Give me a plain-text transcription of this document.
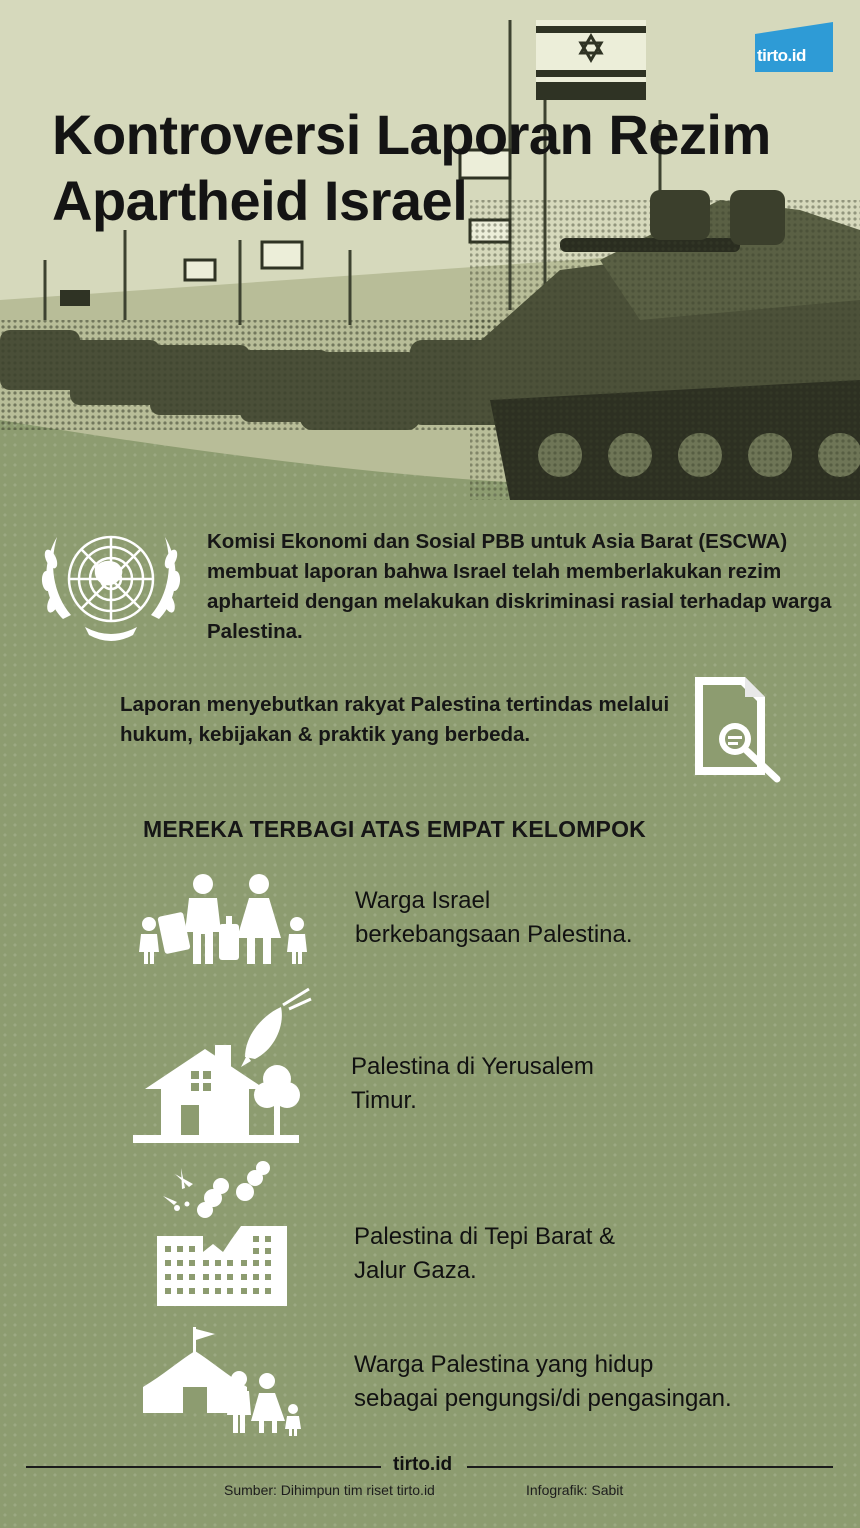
Kontroversi Laporan Rezim
Apartheid Israel
tirto.id

Komisi Ekonomi dan Sosial PBB untuk Asia Barat (ESCWA) membuat laporan bahwa Israel telah memberlakukan rezim apharteid dengan melakukan diskriminasi rasial terhadap warga Palestina.

Laporan menyebutkan rakyat Palestina tertindas melalui hukum, kebijakan & praktik yang berbeda.

MEREKA TERBAGI ATAS EMPAT KELOMPOK

Warga Israel
berkebangsaan Palestina.

Palestina di Yerusalem
Timur.

Palestina di Tepi Barat &
Jalur Gaza.

Warga Palestina yang hidup
sebagai pengungsi/di pengasingan.

tirto.id
Sumber: Dihimpun tim riset tirto.id	Infografik: Sabit
